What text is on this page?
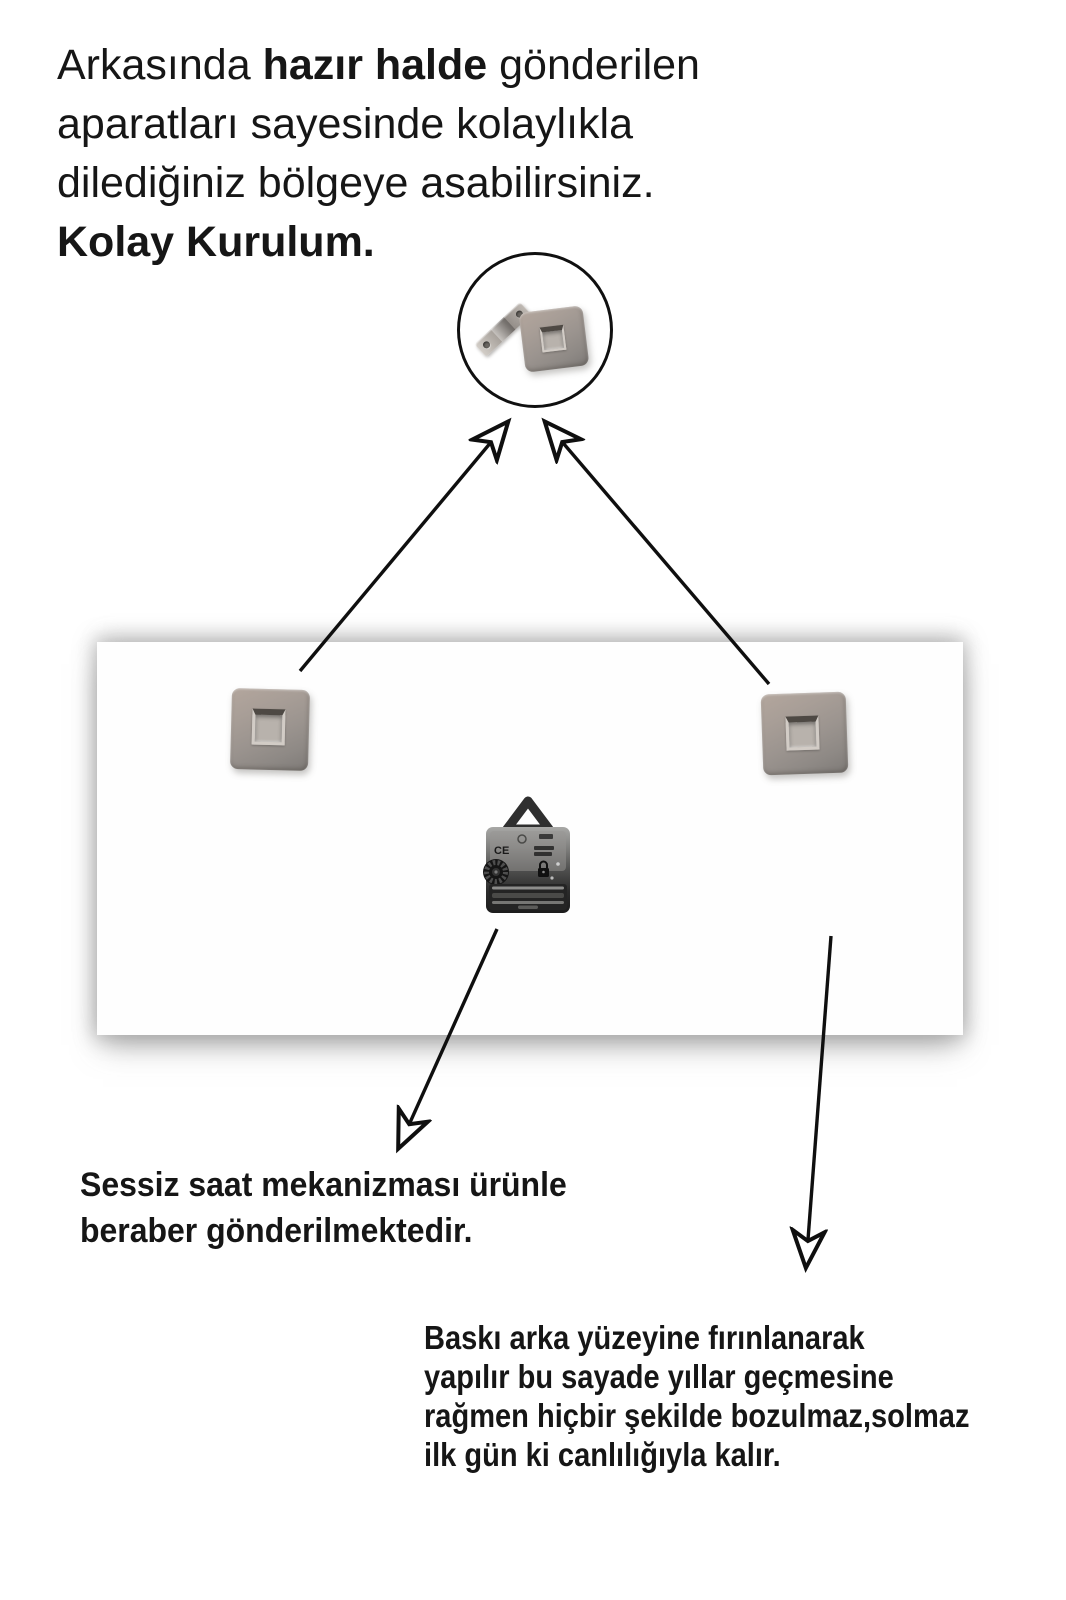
Arkasında hazır halde gönderilen
aparatları sayesinde kolaylıkla
dilediğiniz bölgeye asabilirsiniz.
Kolay Kurulum.
CE
Sessiz saat mekanizması ürünle
beraber gönderilmektedir.
Baskı arka yüzeyine fırınlanarak
yapılır bu sayade yıllar geçmesine
rağmen hiçbir şekilde bozulmaz,solmaz
ilk gün ki canlılığıyla kalır.
